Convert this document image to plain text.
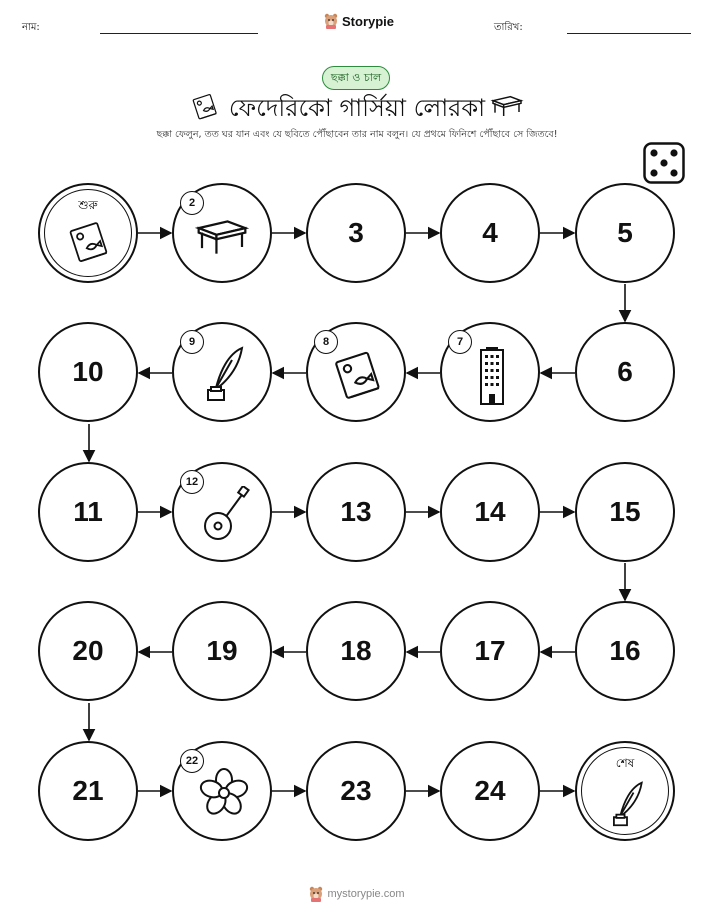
নাম:	Storypie	তারিখ:
ছক্কা ও চাল
ফেদেরিকো গার্সিয়া লোরকা
ছক্কা ফেলুন, তত ঘর যান এবং যে ছবিতে পৌঁছাবেন তার নাম বলুন। যে প্রথমে ফিনিশে পৌঁছাবে সে জিতবে!
শুরু	2
3	4	5
10
9	8	7
6
11
12
13	14	15
20	19	18	17	16
21
22
23	24
শেষ
mystorypie.com
